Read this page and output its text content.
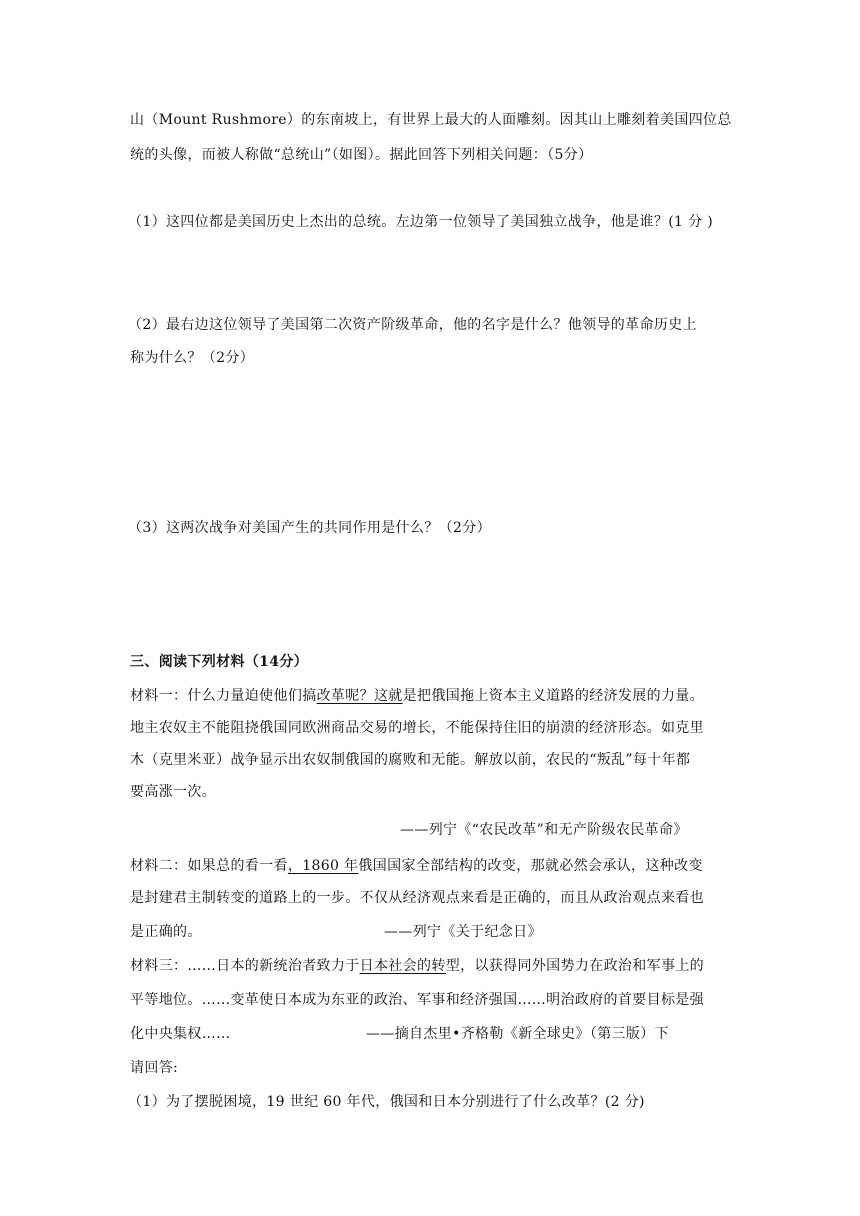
山（Mount Rushmore）的东南坡上，有世界上最大的人面雕刻。因其山上雕刻着美国四位总
统的头像，而被人称做“总统山”（如图）。据此回答下列相关问题：（5分）
（1）这四位都是美国历史上杰出的总统。左边第一位领导了美国独立战争，他是谁？(1 分 )
（2）最右边这位领导了美国第二次资产阶级革命，他的名字是什么？他领导的革命历史上
称为什么？（2分）
（3）这两次战争对美国产生的共同作用是什么？（2分）
三、阅读下列材料（14分）
材料一：什么力量迫使他们搞改革呢？这就是把俄国拖上资本主义道路的经济发展的力量。
地主农奴主不能阻挠俄国同欧洲商品交易的增长，不能保持住旧的崩溃的经济形态。如克里
木（克里米亚）战争显示出农奴制俄国的腐败和无能。解放以前，农民的“叛乱”每十年都
要高涨一次。
——列宁《“农民改革”和无产阶级农民革命》
材料二：如果总的看一看，1860 年俄国国家全部结构的改变，那就必然会承认，这种改变
是封建君主制转变的道路上的一步。不仅从经济观点来看是正确的，而且从政治观点来看也
是正确的。	——列宁《关于纪念日》
材料三：……日本的新统治者致力于日本社会的转型，以获得同外国势力在政治和军事上的
平等地位。……变革使日本成为东亚的政治、军事和经济强国……明治政府的首要目标是强
化中央集权……	——摘自杰里•齐格勒《新全球史》（第三版）下
请回答:
（1）为了摆脱困境，19 世纪 60 年代，俄国和日本分别进行了什么改革？(2 分)
